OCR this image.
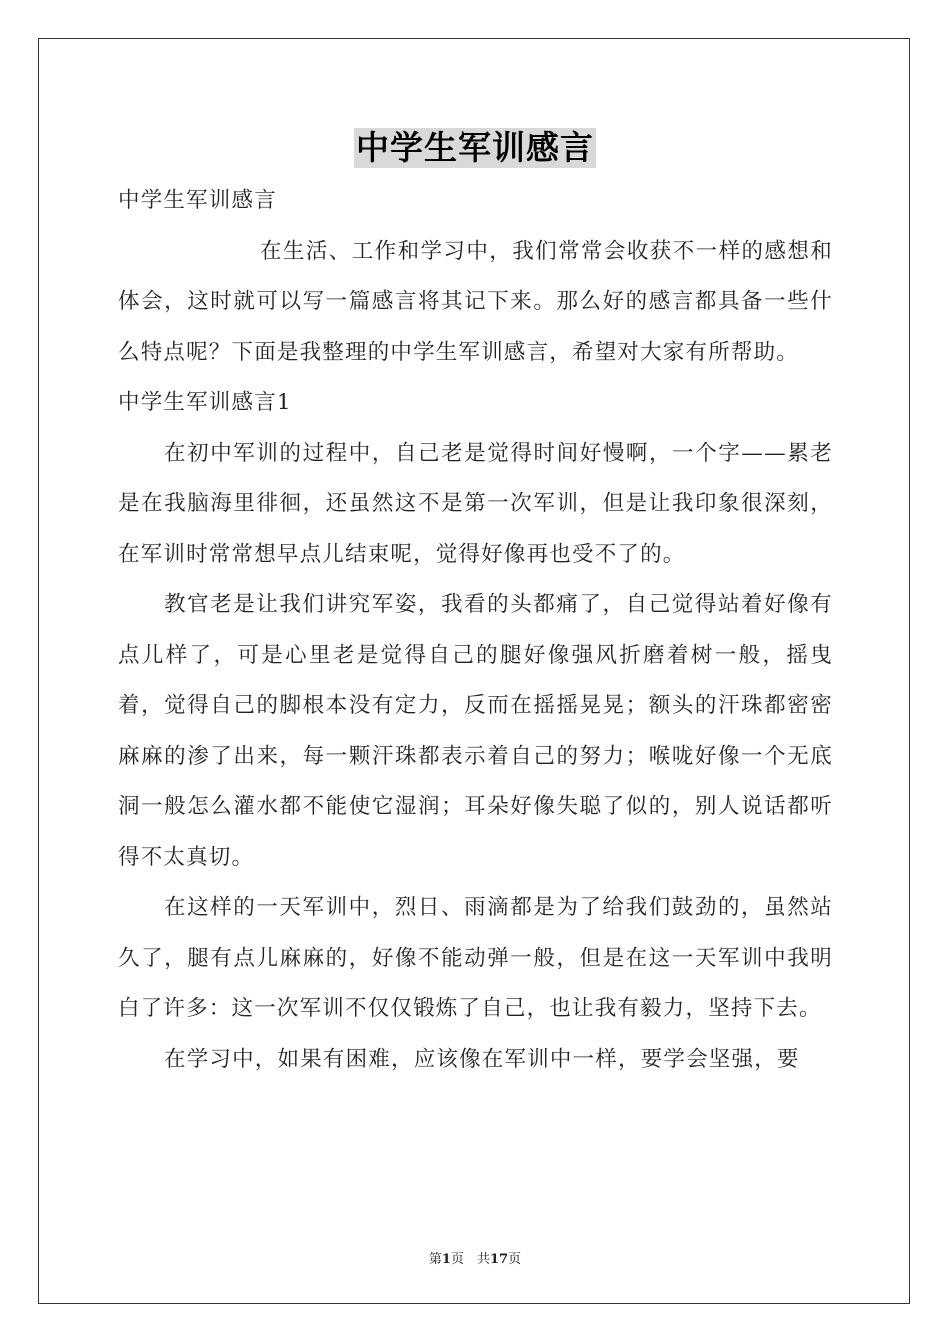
中学生军训感言

中学生军训感言

在生活、工作和学习中，我们常常会收获不一样的感想和体会，这时就可以写一篇感言将其记下来。那么好的感言都具备一些什么特点呢？下面是我整理的中学生军训感言，希望对大家有所帮助。

中学生军训感言1

在初中军训的过程中，自己老是觉得时间好慢啊，一个字——累老是在我脑海里徘徊，还虽然这不是第一次军训，但是让我印象很深刻，在军训时常常想早点儿结束呢，觉得好像再也受不了的。

教官老是让我们讲究军姿，我看的头都痛了，自己觉得站着好像有点儿样了，可是心里老是觉得自己的腿好像强风折磨着树一般，摇曳着，觉得自己的脚根本没有定力，反而在摇摇晃晃；额头的汗珠都密密麻麻的渗了出来，每一颗汗珠都表示着自己的努力；喉咙好像一个无底洞一般怎么灌水都不能使它湿润；耳朵好像失聪了似的，别人说话都听得不太真切。

在这样的一天军训中，烈日、雨滴都是为了给我们鼓劲的，虽然站久了，腿有点儿麻麻的，好像不能动弹一般，但是在这一天军训中我明白了许多：这一次军训不仅仅锻炼了自己，也让我有毅力，坚持下去。

在学习中，如果有困难，应该像在军训中一样，要学会坚强，要

第1页　共17页
